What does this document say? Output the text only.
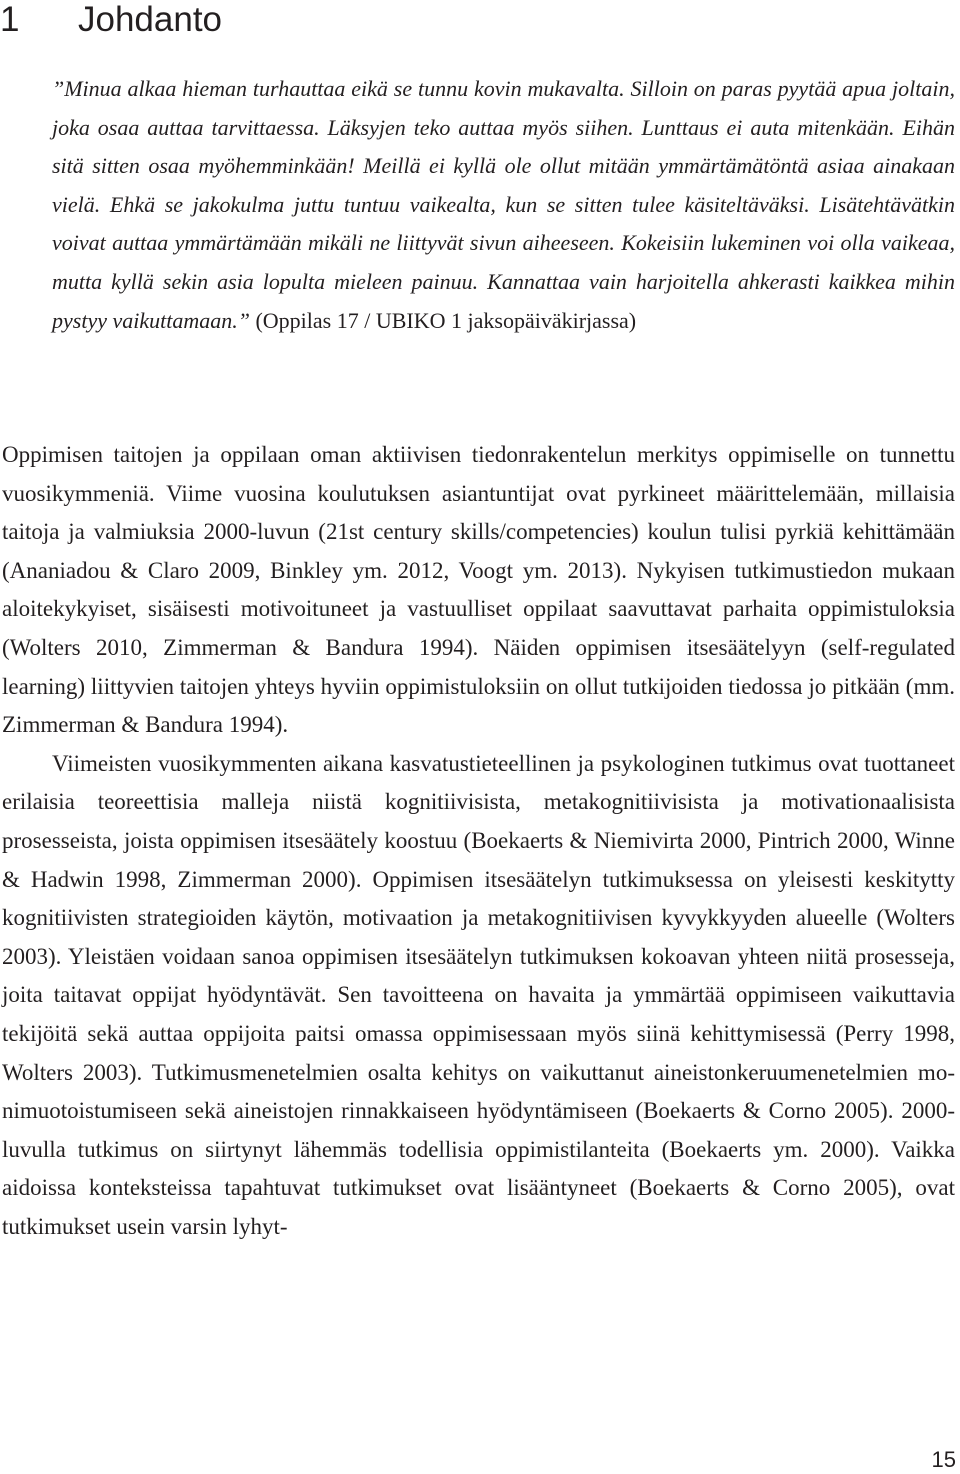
1 Johdanto

”Minua alkaa hieman turhauttaa eikä se tunnu kovin mukavalta. Silloin on paras pyytää apua joltain, joka osaa auttaa tarvittaessa. Läksyjen teko auttaa myös siihen. Lunttaus ei auta mitenkään. Eihän sitä sitten osaa myöhemminkään! Meillä ei kyllä ole ollut mitään ymmärtämätöntä asiaa ainakaan vielä. Ehkä se jakokulma juttu tuntuu vaikealta, kun se sitten tulee käsiteltäväksi. Lisätehtävätkin voivat auttaa ymmärtämään mikäli ne liittyvät sivun aiheeseen. Kokeisiin lukeminen voi olla vaikeaa, mutta kyllä sekin asia lopulta mieleen painuu. Kannattaa vain harjoitella ahkerasti kaikkea mihin pystyy vaikuttamaan.” (Oppilas 17 / UBIKO 1 jaksopäiväkirjassa)

Oppimisen taitojen ja oppilaan oman aktiivisen tiedonrakentelun merkitys oppimiselle on tunnettu vuosikymmeniä. Viime vuosina koulutuksen asiantuntijat ovat pyrkineet määrittelemään, millaisia taitoja ja valmiuksia 2000-luvun (21st century skills/competencies) koulun tulisi pyrkiä kehittämään (Ananiadou & Claro 2009, Binkley ym. 2012, Voogt ym. 2013). Nykyisen tutkimustiedon mukaan aloitekykyiset, sisäisesti motivoituneet ja vastuulliset oppilaat saavuttavat parhaita oppimistuloksia (Wolters 2010, Zimmerman & Bandura 1994). Näiden oppimisen itsesäätelyyn (self-regulated learning) liittyvien taitojen yhteys hyviin oppimistuloksiin on ollut tutkijoiden tiedossa jo pitkään (mm. Zimmerman & Bandura 1994).

Viimeisten vuosikymmenten aikana kasvatustieteellinen ja psykologinen tutkimus ovat tuottaneet erilaisia teoreettisia malleja niistä kognitiivisista, metakognitiivisista ja motivationaalisista prosesseista, joista oppimisen itsesäätely koostuu (Boekaerts & Niemivirta 2000, Pintrich 2000, Winne & Hadwin 1998, Zimmerman 2000). Oppimisen itsesäätelyn tutkimuksessa on yleisesti keskitytty kognitiivisten strategioiden käytön, motivaation ja metakognitiivisen kyvykkyyden alueelle (Wolters 2003). Yleistäen voidaan sanoa oppimisen itsesäätelyn tutkimuksen kokoavan yhteen niitä prosesseja, joita taitavat oppijat hyödyntävät. Sen tavoitteena on havaita ja ymmärtää oppimiseen vaikuttavia tekijöitä sekä auttaa oppijoita paitsi omassa oppimisessaan myös siinä kehittymisessä (Perry 1998, Wolters 2003). Tutkimusmenetelmien osalta kehitys on vaikuttanut aineistonkeruumenetelmien monimuotoistumiseen sekä aineistojen rinnakkaiseen hyödyntämiseen (Boekaerts & Corno 2005). 2000-luvulla tutkimus on siirtynyt lähemmäs todellisia oppimistilanteita (Boekaerts ym. 2000). Vaikka aidoissa konteksteissa tapahtuvat tutkimukset ovat lisääntyneet (Boekaerts & Corno 2005), ovat tutkimukset usein varsin lyhyt-

15
